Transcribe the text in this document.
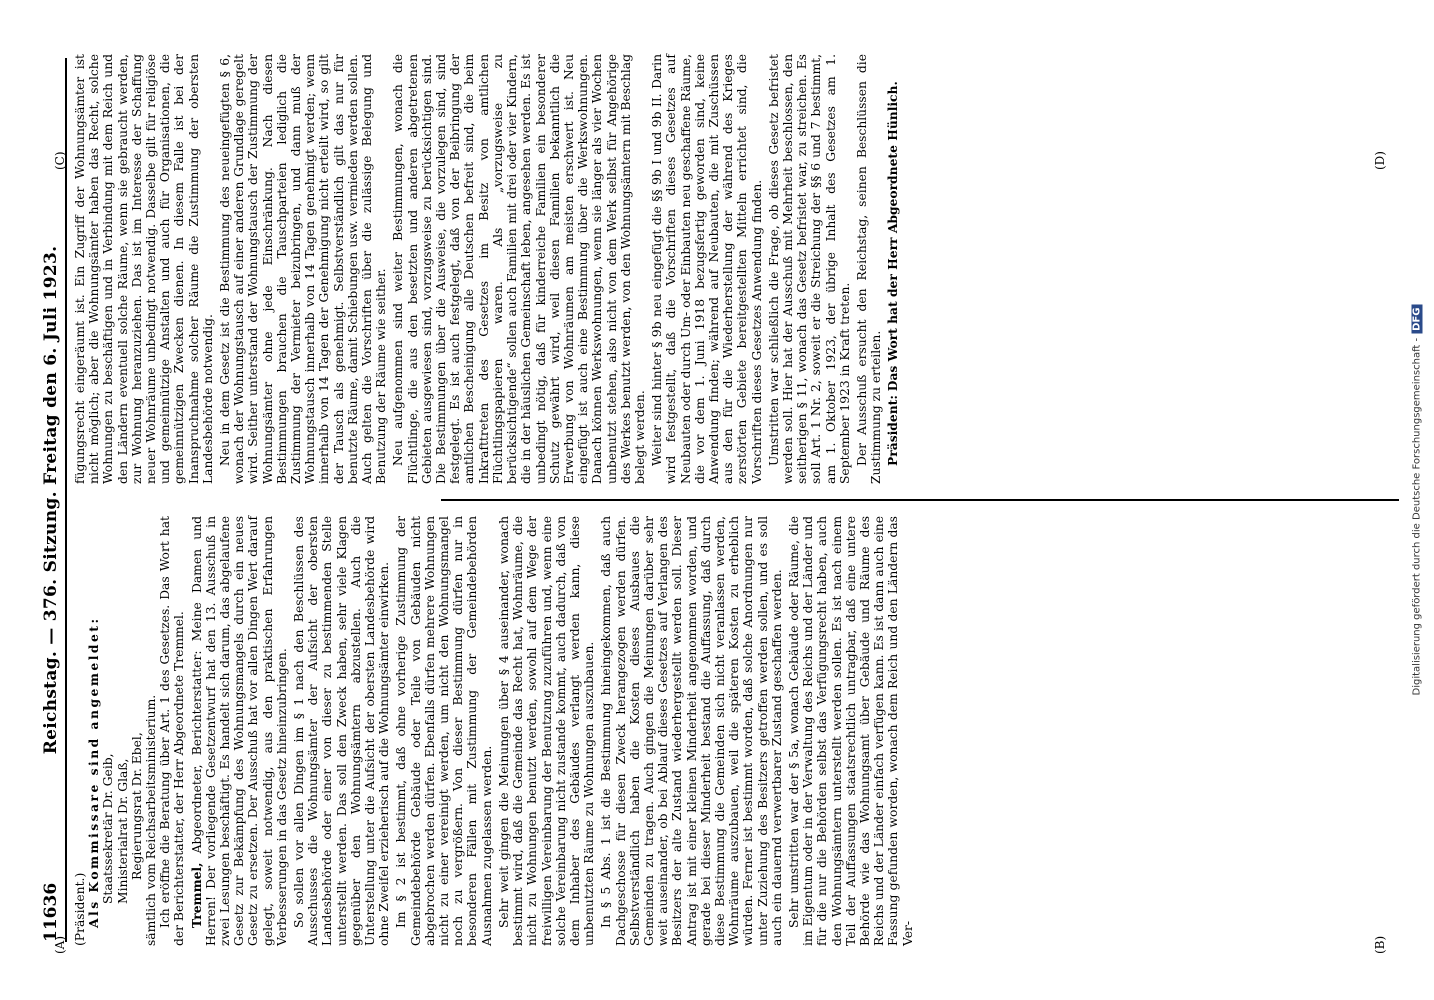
11636
Reichstag. — 376. Sitzung. Freitag den 6. Juli 1923.

(Präsident.) Als Kommissare sind angemeldet: Staatssekretär Dr. Geib, Ministerialrat Dr. Glaß, Regierungsrat Dr. Ebel, sämtlich vom Reichsarbeitsministerium. Ich eröffne die Beratung über Art. 1 des Gesetzes. Das Wort hat der Berichterstatter, der Herr Abgeordnete Tremmel. Tremmel, Abgeordneter, Berichterstatter: Meine Damen und Herren! Der vorliegende Gesetzentwurf hat den 13. Ausschuß in zwei Lesungen beschäftigt. Es handelt sich darum, das abgelaufene Gesetz zur Bekämpfung des Wohnungsmangels durch ein neues Gesetz zu ersetzen. Der Ausschuß hat vor allen Dingen Wert darauf gelegt, soweit notwendig, aus den praktischen Erfahrungen Verbesserungen in das Gesetz hineinzubringen. So sollen vor allen Dingen im § 1 nach den Beschlüssen des Ausschusses die Wohnungsämter der Aufsicht der obersten Landesbehörde oder einer von dieser zu bestimmenden Stelle unterstellt werden. Das soll den Zweck haben, sehr viele Klagen gegenüber den Wohnungsämtern abzustellen. Auch die Unterstellung unter die Aufsicht der obersten Landesbehörde wird ohne Zweifel erzieherisch auf die Wohnungsämter einwirken. Im § 2 ist bestimmt, daß ohne vorherige Zustimmung der Gemeindebehörde Gebäude oder Teile von Gebäuden nicht abgebrochen werden dürfen. Ebenfalls dürfen mehrere Wohnungen nicht zu einer vereinigt werden, um nicht den Wohnungsmangel noch zu vergrößern. Von dieser Bestimmung dürfen nur in besonderen Fällen mit Zustimmung der Gemeindebehörden Ausnahmen zugelassen werden. Sehr weit gingen die Meinungen über § 4 auseinander, wonach bestimmt wird, daß die Gemeinde das Recht hat, Wohnräume, die nicht zu Wohnungen benutzt werden, sowohl auf dem Wege der freiwilligen Vereinbarung der Benutzung zuzuführen und, wenn eine solche Vereinbarung nicht zustande kommt, auch dadurch, daß von dem Inhaber des Gebäudes verlangt werden kann, diese unbenutzten Räume zu Wohnungen auszubauen. In § 5 Abs. 1 ist die Bestimmung hineingekommen, daß auch Dachgeschosse für diesen Zweck herangezogen werden dürfen. Selbstverständlich haben die Kosten dieses Ausbaues die Gemeinden zu tragen. Auch gingen die Meinungen darüber sehr weit auseinander, ob bei Ablauf dieses Gesetzes auf Verlangen des Besitzers der alte Zustand wiederhergestellt werden soll. Dieser Antrag ist mit einer kleinen Minderheit angenommen worden, und gerade bei dieser Minderheit bestand die Auffassung, daß durch diese Bestimmung die Gemeinden sich nicht veranlassen werden, Wohnräume auszubauen, weil die späteren Kosten zu erheblich würden. Ferner ist bestimmt worden, daß solche Anordnungen nur unter Zuziehung des Besitzers getroffen werden sollen, und es soll auch ein dauernd verwertbarer Zustand geschaffen werden. Sehr umstritten war der § 5a, wonach Gebäude oder Räume, die im Eigentum oder in der Verwaltung des Reichs und der Länder und für die nur die Behörden selbst das Verfügungsrecht haben, auch den Wohnungsämtern unterstellt werden sollen. Es ist nach einem Teil der Auffassungen staatsrechtlich untragbar, daß eine untere Behörde wie das Wohnungsamt über Gebäude und Räume des Reichs und der Länder einfach verfügen kann. Es ist dann auch eine Fassung gefunden worden, wonach dem Reich und den Ländern das Ver-

fügungsrecht eingeräumt ist. Ein Zugriff der Wohnungsämter ist nicht möglich; aber die Wohnungsämter haben das Recht, solche Wohnungen zu beschäftigen und in Verbindung mit dem Reich und den Ländern eventuell solche Räume, wenn sie gebraucht werden, zur Wohnung heranzuziehen. Das ist im Interesse der Schaffung neuer Wohnräume unbedingt notwendig. Dasselbe gilt für religiöse und gemeinnützige Anstalten und auch für Organisationen, die gemeinnützigen Zwecken dienen. In diesem Falle ist bei der Inanspruchnahme solcher Räume die Zustimmung der obersten Landesbehörde notwendig. Neu in dem Gesetz ist die Bestimmung des neueingefügten § 6, wonach der Wohnungstausch auf einer anderen Grundlage geregelt wird. Seither unterstand der Wohnungstausch der Zustimmung der Wohnungsämter ohne jede Einschränkung. Nach diesen Bestimmungen brauchen die Tauschparteien lediglich die Zustimmung der Vermieter beizubringen, und dann muß der Wohnungstausch innerhalb von 14 Tagen genehmigt werden; wenn innerhalb von 14 Tagen der Genehmigung nicht erteilt wird, so gilt der Tausch als genehmigt. Selbstverständlich gilt das nur für benutzte Räume, damit Schiebungen usw. vermieden werden sollen. Auch gelten die Vorschriften über die zulässige Belegung und Benutzung der Räume wie seither. Neu aufgenommen sind weiter Bestimmungen, wonach die Flüchtlinge, die aus den besetzten und anderen abgetretenen Gebieten ausgewiesen sind, vorzugsweise zu berücksichtigen sind. Die Bestimmungen über die Ausweise, die vorzulegen sind, sind festgelegt. Es ist auch festgelegt, daß von der Beibringung der amtlichen Bescheinigung alle Deutschen befreit sind, die beim Inkrafttreten des Gesetzes im Besitz von amtlichen Flüchtlingspapieren waren. Als „vorzugsweise zu berücksichtigende“ sollen auch Familien mit drei oder vier Kindern, die in der häuslichen Gemeinschaft leben, angesehen werden. Es ist unbedingt nötig, daß für kinderreiche Familien ein besonderer Schutz gewährt wird, weil diesen Familien bekanntlich die Erwerbung von Wohnräumen am meisten erschwert ist. Neu eingefügt ist auch eine Bestimmung über die Werkswohnungen. Danach können Werkswohnungen, wenn sie länger als vier Wochen unbenutzt stehen, also nicht von dem Werk selbst für Angehörige des Werkes benutzt werden, von den Wohnungsämtern mit Beschlag belegt werden. Weiter sind hinter § 9b neu eingefügt die §§ 9b I und 9b II. Darin wird festgestellt, daß die Vorschriften dieses Gesetzes auf Neubauten oder durch Um- oder Einbauten neu geschaffene Räume, die vor dem 1. Juni 1918 bezugsfertig geworden sind, keine Anwendung finden; während auf Neubauten, die mit Zuschüssen aus den für die Wiederherstellung der während des Krieges zerstörten Gebiete bereitgestellten Mitteln errichtet sind, die Vorschriften dieses Gesetzes Anwendung finden. Umstritten war schließlich die Frage, ob dieses Gesetz befristet werden soll. Hier hat der Ausschuß mit Mehrheit beschlossen, den seitherigen § 11, wonach das Gesetz befristet war, zu streichen. Es soll Art. 1 Nr. 2, soweit er die Streichung der §§ 6 und 7 bestimmt, am 1. Oktober 1923, der übrige Inhalt des Gesetzes am 1. September 1923 in Kraft treten. Der Ausschuß ersucht den Reichstag, seinen Beschlüssen die Zustimmung zu erteilen. Präsident: Das Wort hat der Herr Abgeordnete Hünlich.

(A)	(B)
(C)	(D)
Digitalisierung gefördert durch die Deutsche Forschungsgemeinschaft -DFG
